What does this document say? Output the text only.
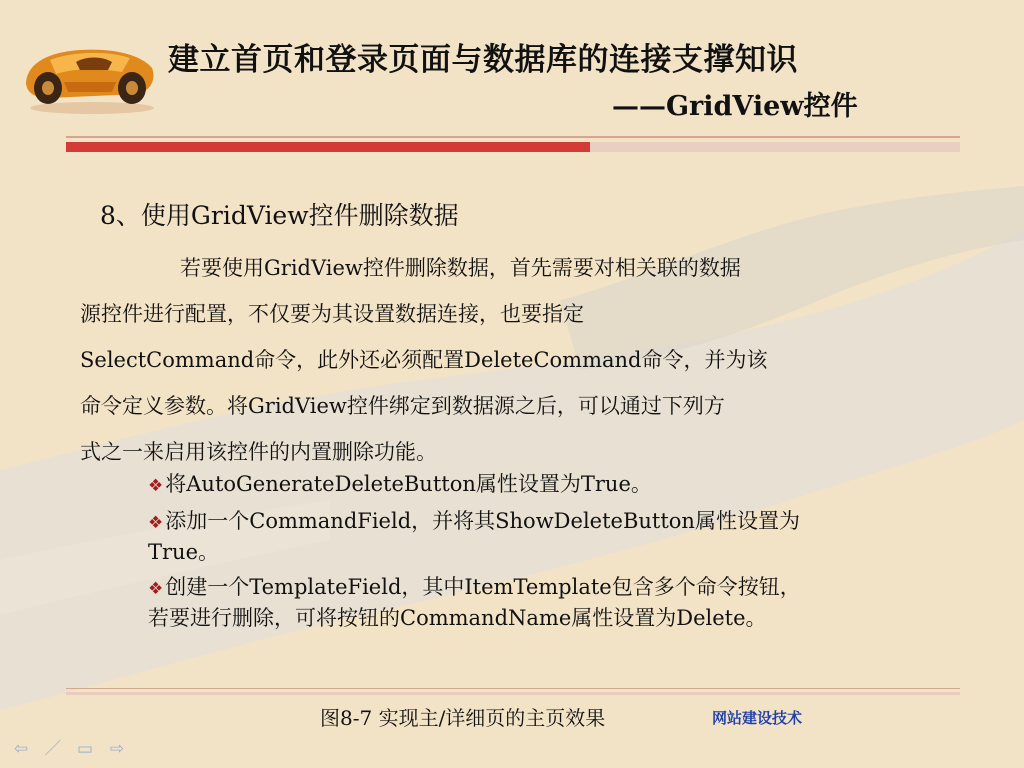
建立首页和登录页面与数据库的连接支撑知识
——GridView控件
8、使用GridView控件删除数据
若要使用GridView控件删除数据，首先需要对相关联的数据
源控件进行配置，不仅要为其设置数据连接，也要指定
SelectCommand命令，此外还必须配置DeleteCommand命令，并为该
命令定义参数。将GridView控件绑定到数据源之后，可以通过下列方
式之一来启用该控件的内置删除功能。
❖将AutoGenerateDeleteButton属性设置为True。
❖添加一个CommandField，并将其ShowDeleteButton属性设置为
True。
❖创建一个TemplateField，其中ItemTemplate包含多个命令按钮，
若要进行删除，可将按钮的CommandName属性设置为Delete。
图8-7 实现主/详细页的主页效果	网站建设技术
⇦ ／ ▭ ⇨
